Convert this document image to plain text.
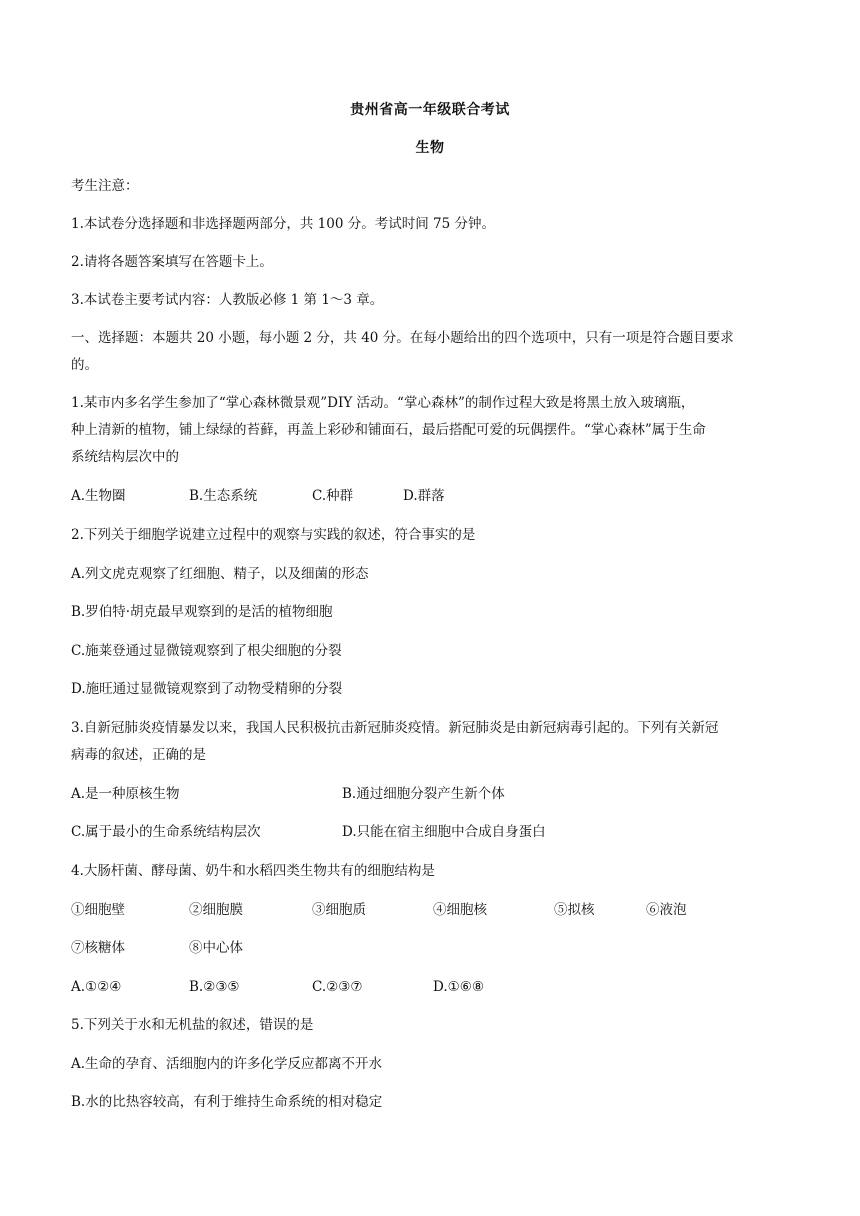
贵州省高一年级联合考试
生物
考生注意：
1.本试卷分选择题和非选择题两部分，共 100 分。考试时间 75 分钟。
2.请将各题答案填写在答题卡上。
3.本试卷主要考试内容：人教版必修 1 第 1～3 章。
一、选择题：本题共 20 小题，每小题 2 分，共 40 分。在每小题给出的四个选项中，只有一项是符合题目要求
的。
1.某市内多名学生参加了“掌心森林微景观”DIY 活动。“掌心森林”的制作过程大致是将黑土放入玻璃瓶，
种上清新的植物，铺上绿绿的苔藓，再盖上彩砂和铺面石，最后搭配可爱的玩偶摆件。“掌心森林”属于生命
系统结构层次中的
A.生物圈	B.生态系统	C.种群	D.群落
2.下列关于细胞学说建立过程中的观察与实践的叙述，符合事实的是
A.列文虎克观察了红细胞、精子，以及细菌的形态
B.罗伯特·胡克最早观察到的是活的植物细胞
C.施莱登通过显微镜观察到了根尖细胞的分裂
D.施旺通过显微镜观察到了动物受精卵的分裂
3.自新冠肺炎疫情暴发以来，我国人民积极抗击新冠肺炎疫情。新冠肺炎是由新冠病毒引起的。下列有关新冠
病毒的叙述，正确的是
A.是一种原核生物	B.通过细胞分裂产生新个体
C.属于最小的生命系统结构层次	D.只能在宿主细胞中合成自身蛋白
4.大肠杆菌、酵母菌、奶牛和水稻四类生物共有的细胞结构是
①细胞壁	②细胞膜	③细胞质	④细胞核	⑤拟核	⑥液泡
⑦核糖体	⑧中心体
A.①②④	B.②③⑤	C.②③⑦	D.①⑥⑧
5.下列关于水和无机盐的叙述，错误的是
A.生命的孕育、活细胞内的许多化学反应都离不开水
B.水的比热容较高，有利于维持生命系统的相对稳定
